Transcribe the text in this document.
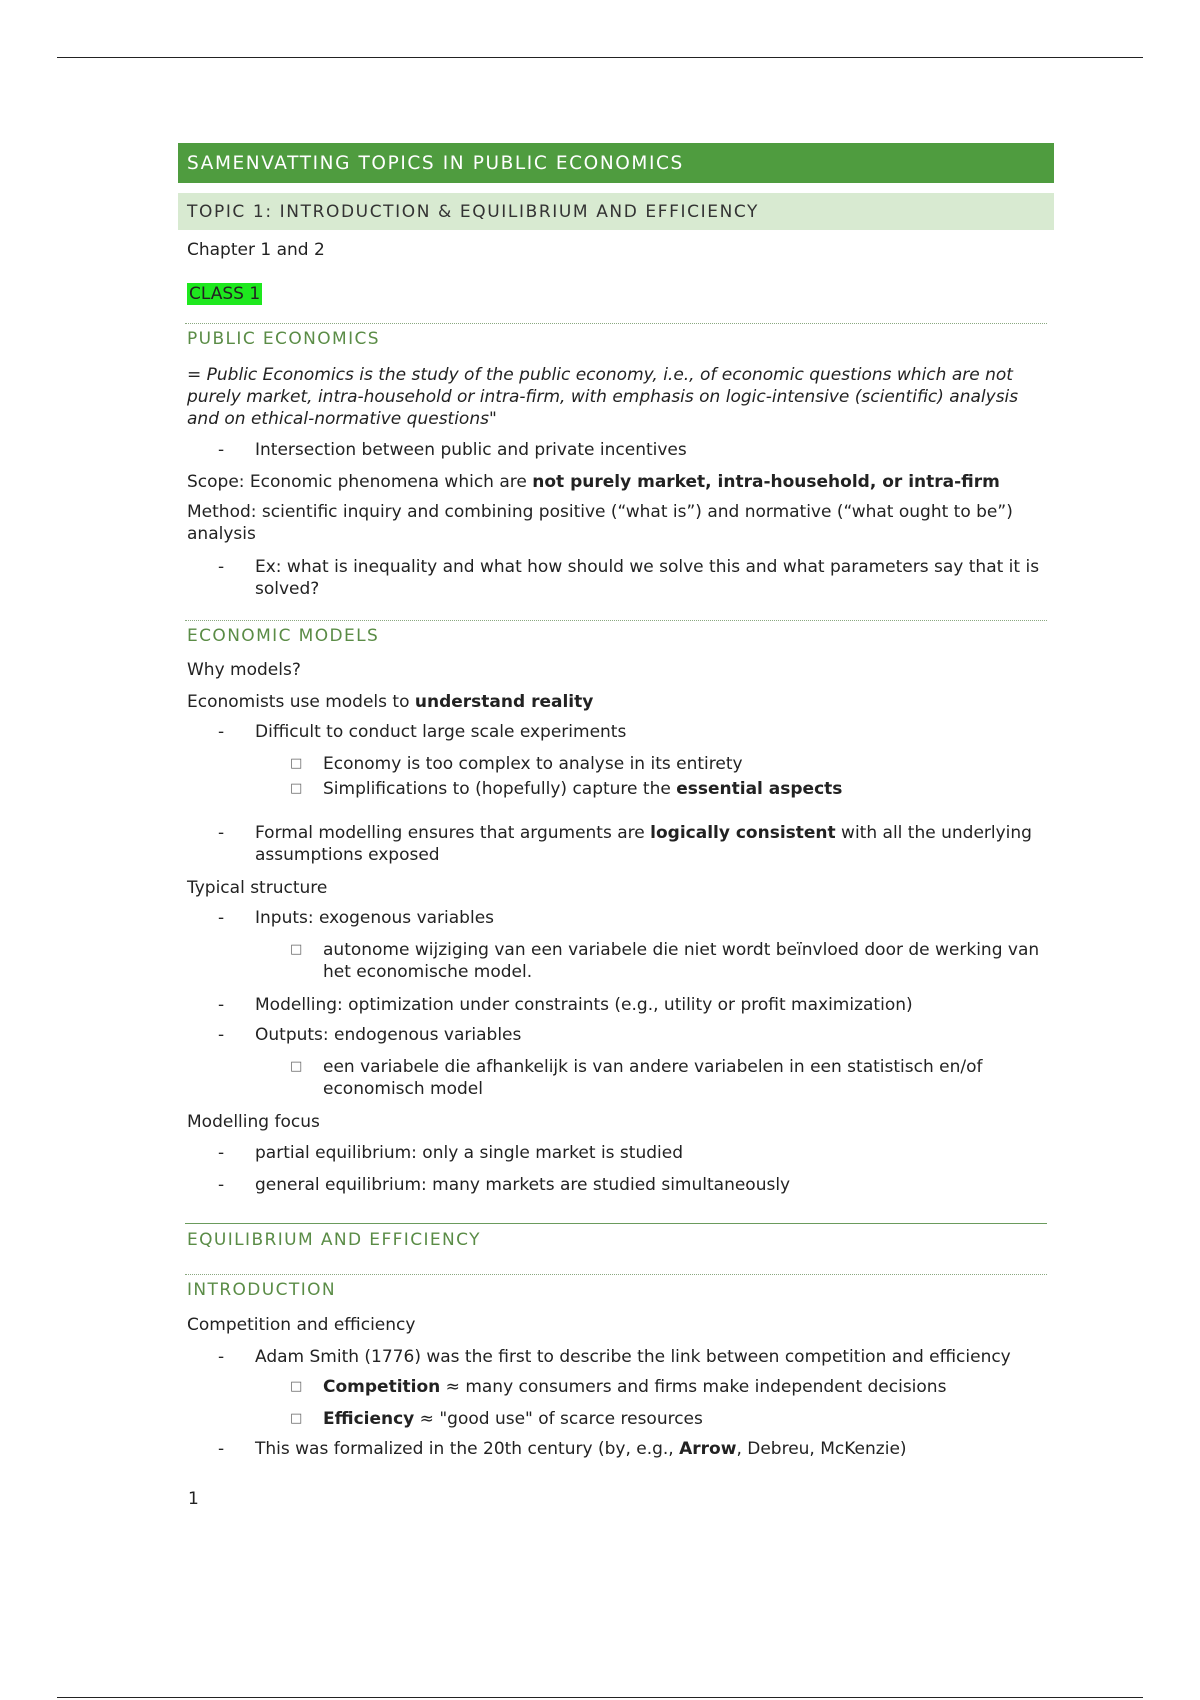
SAMENVATTING TOPICS IN PUBLIC ECONOMICS
TOPIC 1: INTRODUCTION & EQUILIBRIUM AND EFFICIENCY
Chapter 1 and 2
CLASS 1
PUBLIC ECONOMICS
= Public Economics is the study of the public economy, i.e., of economic questions which are not purely market, intra-household or intra-firm, with emphasis on logic-intensive (scientific) analysis and on ethical-normative questions"
- Intersection between public and private incentives
Scope: Economic phenomena which are not purely market, intra-household, or intra-firm
Method: scientific inquiry and combining positive (“what is”) and normative (“what ought to be”) analysis
- Ex: what is inequality and what how should we solve this and what parameters say that it is solved?
ECONOMIC MODELS
Why models?
Economists use models to understand reality
- Difficult to conduct large scale experiments
□ Economy is too complex to analyse in its entirety
□ Simplifications to (hopefully) capture the essential aspects
- Formal modelling ensures that arguments are logically consistent with all the underlying assumptions exposed
Typical structure
- Inputs: exogenous variables
□ autonome wijziging van een variabele die niet wordt beïnvloed door de werking van het economische model.
- Modelling: optimization under constraints (e.g., utility or profit maximization)
- Outputs: endogenous variables
□ een variabele die afhankelijk is van andere variabelen in een statistisch en/of economisch model
Modelling focus
- partial equilibrium: only a single market is studied
- general equilibrium: many markets are studied simultaneously
EQUILIBRIUM AND EFFICIENCY
INTRODUCTION
Competition and efficiency
- Adam Smith (1776) was the first to describe the link between competition and efficiency
□ Competition ≈ many consumers and firms make independent decisions
□ Efficiency ≈ "good use" of scarce resources
- This was formalized in the 20th century (by, e.g., Arrow, Debreu, McKenzie)
1
